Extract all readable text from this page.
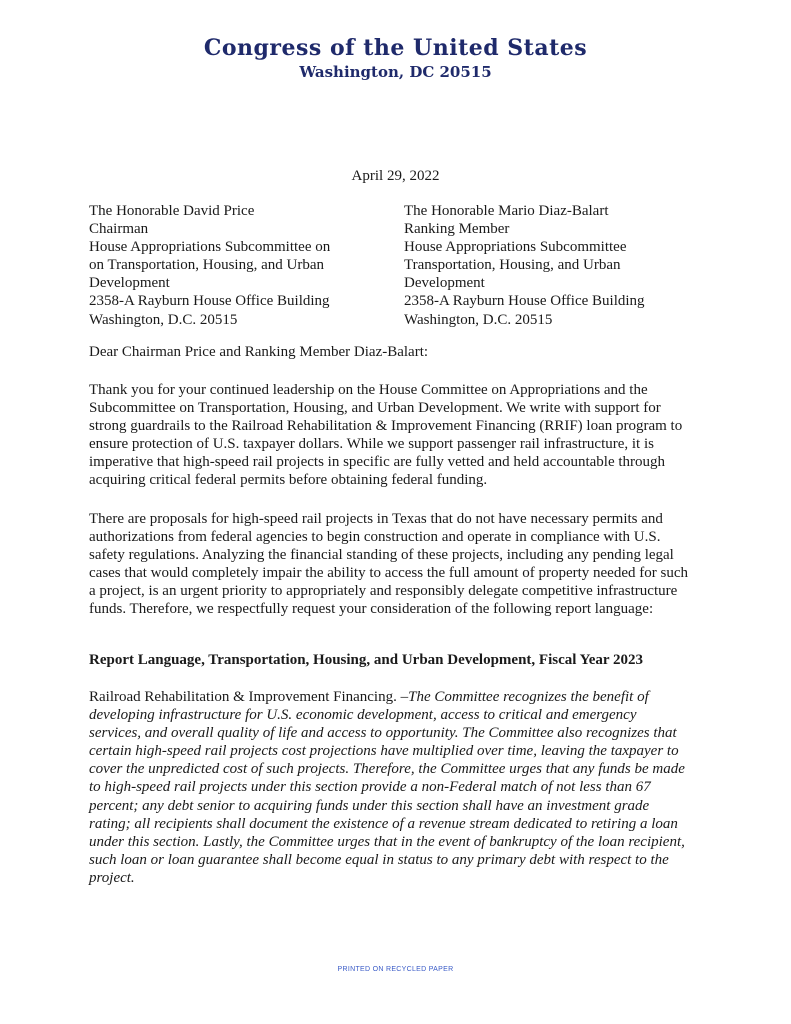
Congress of the United States
Washington, DC 20515
April 29, 2022
The Honorable David Price
Chairman
House Appropriations Subcommittee on
on Transportation, Housing, and Urban
Development
2358-A Rayburn House Office Building
Washington, D.C. 20515
The Honorable Mario Diaz-Balart
Ranking Member
House Appropriations Subcommittee
Transportation, Housing, and Urban
Development
2358-A Rayburn House Office Building
Washington, D.C. 20515
Dear Chairman Price and Ranking Member Diaz-Balart:
Thank you for your continued leadership on the House Committee on Appropriations and the Subcommittee on Transportation, Housing, and Urban Development. We write with support for strong guardrails to the Railroad Rehabilitation & Improvement Financing (RRIF) loan program to ensure protection of U.S. taxpayer dollars. While we support passenger rail infrastructure, it is imperative that high-speed rail projects in specific are fully vetted and held accountable through acquiring critical federal permits before obtaining federal funding.
There are proposals for high-speed rail projects in Texas that do not have necessary permits and authorizations from federal agencies to begin construction and operate in compliance with U.S. safety regulations. Analyzing the financial standing of these projects, including any pending legal cases that would completely impair the ability to access the full amount of property needed for such a project, is an urgent priority to appropriately and responsibly delegate competitive infrastructure funds. Therefore, we respectfully request your consideration of the following report language:
Report Language, Transportation, Housing, and Urban Development, Fiscal Year 2023
Railroad Rehabilitation & Improvement Financing. –The Committee recognizes the benefit of developing infrastructure for U.S. economic development, access to critical and emergency services, and overall quality of life and access to opportunity. The Committee also recognizes that certain high-speed rail projects cost projections have multiplied over time, leaving the taxpayer to cover the unpredicted cost of such projects. Therefore, the Committee urges that any funds be made to high-speed rail projects under this section provide a non-Federal match of not less than 67 percent; any debt senior to acquiring funds under this section shall have an investment grade rating; all recipients shall document the existence of a revenue stream dedicated to retiring a loan under this section. Lastly, the Committee urges that in the event of bankruptcy of the loan recipient, such loan or loan guarantee shall become equal in status to any primary debt with respect to the project.
PRINTED ON RECYCLED PAPER
